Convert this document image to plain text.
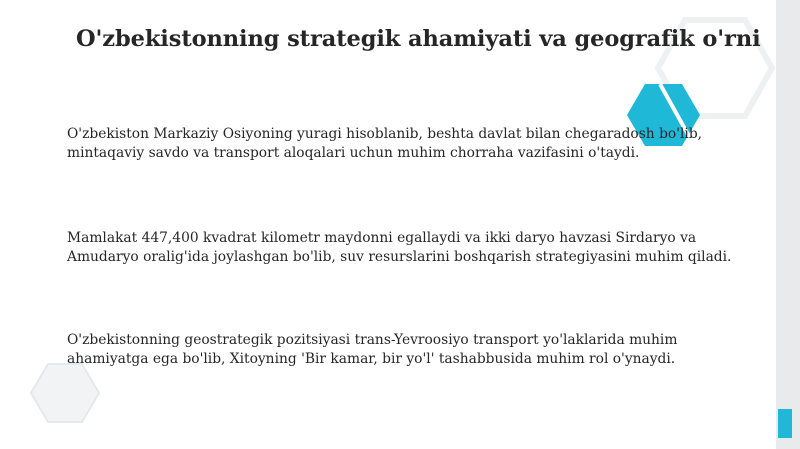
O'zbekistonning strategik ahamiyati va geografik o'rni

O'zbekiston Markaziy Osiyoning yuragi hisoblanib, beshta davlat bilan chegaradosh bo'lib, mintaqaviy savdo va transport aloqalari uchun muhim chorraha vazifasini o'taydi.

Mamlakat 447,400 kvadrat kilometr maydonni egallaydi va ikki daryo havzasi Sirdaryo va Amudaryo oralig'ida joylashgan bo'lib, suv resurslarini boshqarish strategiyasini muhim qiladi.

O'zbekistonning geostrategik pozitsiyasi trans-Yevroosiyo transport yo'laklarida muhim ahamiyatga ega bo'lib, Xitoyning 'Bir kamar, bir yo'l' tashabbusida muhim rol o'ynaydi.
